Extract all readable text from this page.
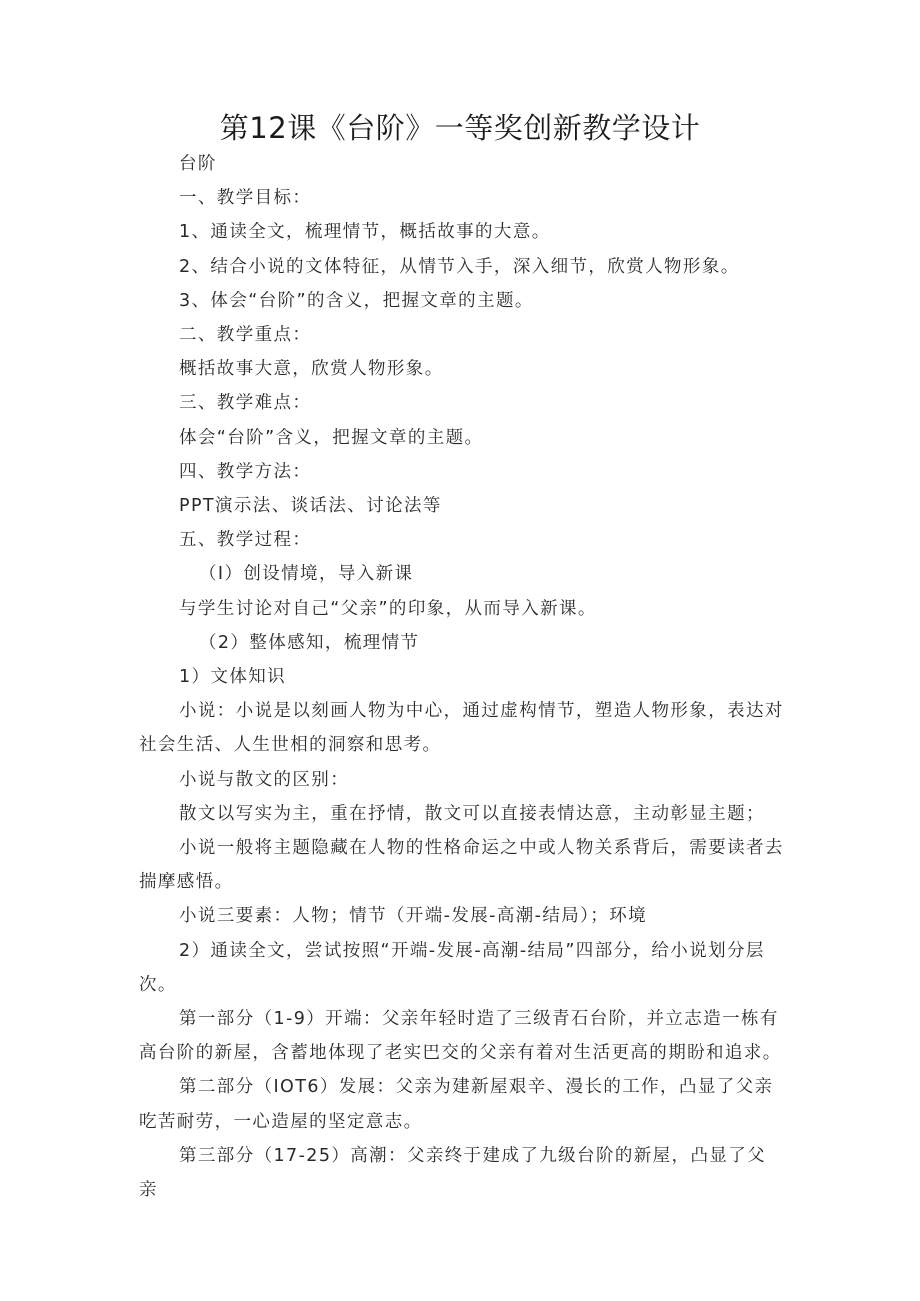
第12课《台阶》一等奖创新教学设计

台阶

一、教学目标：

1、通读全文，梳理情节，概括故事的大意。

2、结合小说的文体特征，从情节入手，深入细节，欣赏人物形象。

3、体会“台阶”的含义，把握文章的主题。

二、教学重点：

概括故事大意，欣赏人物形象。

三、教学难点：

体会“台阶”含义，把握文章的主题。

四、教学方法：

PPT演示法、谈话法、讨论法等

五、教学过程：

（I）创设情境，导入新课

与学生讨论对自己“父亲”的印象，从而导入新课。

（2）整体感知，梳理情节

1）文体知识

小说：小说是以刻画人物为中心，通过虚构情节，塑造人物形象，表达对社会生活、人生世相的洞察和思考。

小说与散文的区别：

散文以写实为主，重在抒情，散文可以直接表情达意，主动彰显主题；

小说一般将主题隐藏在人物的性格命运之中或人物关系背后，需要读者去揣摩感悟。

小说三要素：人物；情节（开端-发展-高潮-结局）；环境

2）通读全文，尝试按照“开端-发展-高潮-结局”四部分，给小说划分层次。

第一部分（1-9）开端：父亲年轻时造了三级青石台阶，并立志造一栋有高台阶的新屋，含蓄地体现了老实巴交的父亲有着对生活更高的期盼和追求。

第二部分（IOT6）发展：父亲为建新屋艰辛、漫长的工作，凸显了父亲吃苦耐劳，一心造屋的坚定意志。

第三部分（17-25）高潮：父亲终于建成了九级台阶的新屋，凸显了父亲
